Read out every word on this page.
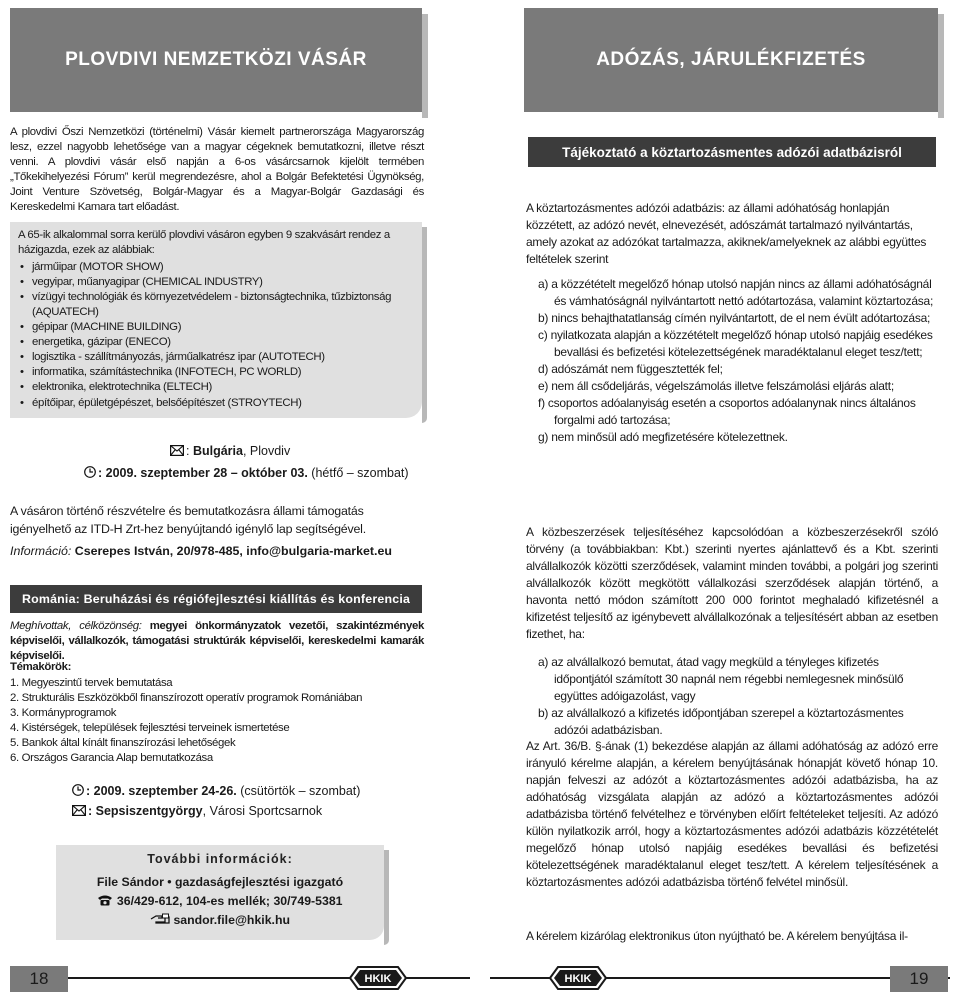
PLOVDIVI NEMZETKÖZI VÁSÁR

A plovdivi Őszi Nemzetközi (történelmi) Vásár kiemelt partnerországa Magyarország lesz, ezzel nagyobb lehetősége van a magyar cégeknek bemutatkozni, illetve részt venni. A plovdivi vásár első napján a 6-os vásárcsarnok kijelölt termében „Tőkekihelyezési Fórum” kerül megrendezésre, ahol a Bolgár Befektetési Ügynökség, Joint Venture Szövetség, Bolgár-Magyar és a Magyar-Bolgár Gazdasági és Kereskedelmi Kamara tart előadást.

A 65-ik alkalommal sorra kerülő plovdivi vásáron egyben 9 szakvásárt rendez a házigazda, ezek az alábbiak:

• járműipar (MOTOR SHOW)
• vegyipar, műanyagipar (CHEMICAL INDUSTRY)
• vízügyi technológiák és környezetvédelem - biztonságtechnika, tűzbiztonság (AQUATECH)
• gépipar (MACHINE BUILDING)
• energetika, gázipar (ENECO)
• logisztika - szállítmányozás, járműalkatrész ipar (AUTOTECH)
• informatika, számítástechnika (INFOTECH, PC WORLD)
• elektronika, elektrotechnika (ELTECH)
• építőipar, épületgépészet, belsőépítészet (STROYTECH)
: Bulgária, Plovdiv
: 2009. szeptember 28 – október 03. (hétfő – szombat)

A vásáron történő részvételre és bemutatkozásra állami támogatás igényelhető az ITD-H Zrt-hez benyújtandó igénylő lap segítségével.

Információ: Cserepes István, 20/978-485, info@bulgaria-market.eu

Románia: Beruházási és régiófejlesztési kiállítás és konferencia

Meghívottak, célközönség: megyei önkormányzatok vezetői, szakintézmények képviselői, vállalkozók, támogatási struktúrák képviselői, kereskedelmi kamarák képviselői.

Témakörök:

1. Megyeszintű tervek bemutatása
2. Strukturális Eszközökből finanszírozott operatív programok Romániában
3. Kormányprogramok
4. Kistérségek, települések fejlesztési terveinek ismertetése
5. Bankok által kínált finanszírozási lehetőségek
6. Országos Garancia Alap bemutatkozása
: 2009. szeptember 24-26. (csütörtök – szombat)
: Sepsiszentgyörgy, Városi Sportcsarnok
További információk:
File Sándor • gazdaságfejlesztési igazgató
36/429-612, 104-es mellék; 30/749-5381
sandor.file@hkik.hu
18	HKIK
ADÓZÁS, JÁRULÉKFIZETÉS
Tájékoztató a köztartozásmentes adózói adatbázisról

A köztartozásmentes adózói adatbázis: az állami adóhatóság honlapján közzétett, az adózó nevét, elnevezését, adószámát tartalmazó nyilvántartás, amely azokat az adózókat tartalmazza, akiknek/amelyeknek az alábbi együttes feltételek szerint

a) a közzétételt megelőző hónap utolsó napján nincs az állami adóhatóságnál és vámhatóságnál nyilvántartott nettó adótartozása, valamint köztartozása;

b) nincs behajthatatlanság címén nyilvántartott, de el nem évült adótartozása;

c) nyilatkozata alapján a közzétételt megelőző hónap utolsó napjáig esedékes bevallási és befizetési kötelezettségének maradéktalanul eleget tesz/tett;

d) adószámát nem függesztették fel;

e) nem áll csődeljárás, végelszámolás illetve felszámolási eljárás alatt;

f) csoportos adóalanyiság esetén a csoportos adóalanynak nincs általános forgalmi adó tartozása;

g) nem minősül adó megfizetésére kötelezettnek.

A közbeszerzések teljesítéséhez kapcsolódóan a közbeszerzésekről szóló törvény (a továbbiakban: Kbt.) szerinti nyertes ajánlattevő és a Kbt. szerinti alvállalkozók közötti szerződések, valamint minden további, a polgári jog szerinti alvállalkozók között megkötött vállalkozási szerződések alapján történő, a havonta nettó módon számított 200 000 forintot meghaladó kifizetésnél a kifizetést teljesítő az igénybevett alvállalkozónak a teljesítésért abban az esetben fizethet, ha:

a) az alvállalkozó bemutat, átad vagy megküld a tényleges kifizetés időpontjától számított 30 napnál nem régebbi nemlegesnek minősülő együttes adóigazolást, vagy

b) az alvállalkozó a kifizetés időpontjában szerepel a köztartozásmentes adózói adatbázisban.

Az Art. 36/B. §-ának (1) bekezdése alapján az állami adóhatóság az adózó erre irányuló kérelme alapján, a kérelem benyújtásának hónapját követő hónap 10. napján felveszi az adózót a köztartozásmentes adózói adatbázisba, ha az adóhatóság vizsgálata alapján az adózó a köztartozásmentes adózói adatbázisba történő felvételhez e törvényben előírt feltételeket teljesíti. Az adózó külön nyilatkozik arról, hogy a köztartozásmentes adózói adatbázis közzétételét megelőző hónap utolsó napjáig esedékes bevallási és befizetési kötelezettségének maradéktalanul eleget tesz/tett. A kérelem teljesítésének a köztartozásmentes adózói adatbázisba történő felvétel minősül.

A kérelem kizárólag elektronikus úton nyújtható be. A kérelem benyújtása il-

19
HKIK
